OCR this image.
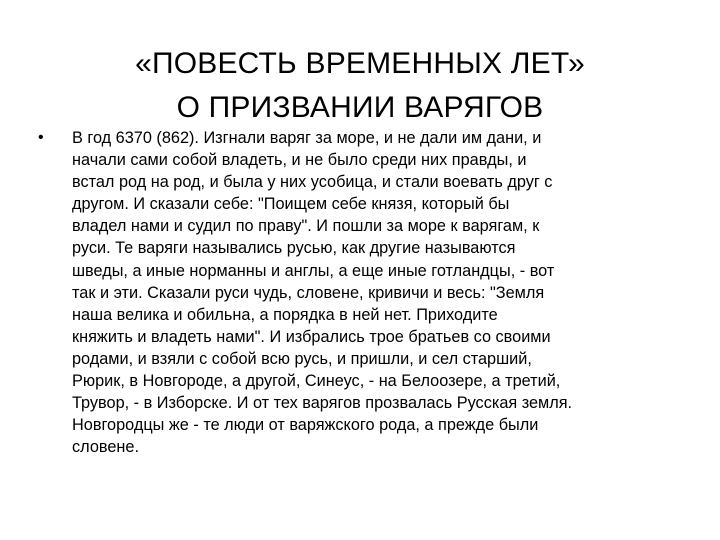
«ПОВЕСТЬ ВРЕМЕННЫХ ЛЕТ»
О ПРИЗВАНИИ ВАРЯГОВ
•	В год 6370 (862). Изгнали варяг за море, и не дали им дани, и
начали сами собой владеть, и не было среди них правды, и
встал род на род, и была у них усобица, и стали воевать друг с
другом. И сказали себе: "Поищем себе князя, который бы
владел нами и судил по праву". И пошли за море к варягам, к
руси. Те варяги назывались русью, как другие называются
шведы, а иные норманны и англы, а еще иные готландцы, - вот
так и эти. Сказали руси чудь, словене, кривичи и весь: "Земля
наша велика и обильна, а порядка в ней нет. Приходите
княжить и владеть нами". И избрались трое братьев со своими
родами, и взяли с собой всю русь, и пришли, и сел старший,
Рюрик, в Новгороде, а другой, Синеус, - на Белоозере, а третий,
Трувор, - в Изборске. И от тех варягов прозвалась Русская земля.
Новгородцы же - те люди от варяжского рода, а прежде были
словене.
